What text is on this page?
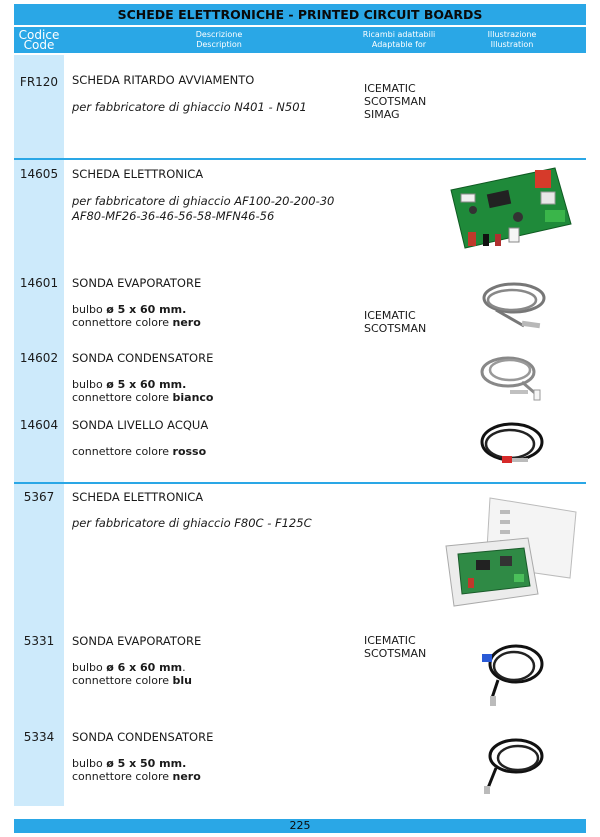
SCHEDE ELETTRONICHE - PRINTED CIRCUIT BOARDS
Codice
Code
Descrizione
Description
Ricambi adattabili
Adaptable for
Illustrazione
Illustration
FR120	SCHEDA RITARDO AVVIAMENTO
per fabbricatore di ghiaccio N401 - N501
ICEMATIC
SCOTSMAN
SIMAG
14605	SCHEDA ELETTRONICA
per fabbricatore di ghiaccio AF100-20-200-30
AF80-MF26-36-46-56-58-MFN46-56
14601	SONDA EVAPORATORE
bulbo ø 5 x 60 mm.
connettore colore nero
ICEMATIC
SCOTSMAN
14602	SONDA CONDENSATORE
bulbo ø 5 x 60 mm.
connettore colore bianco
14604	SONDA LIVELLO ACQUA
connettore colore rosso
5367	SCHEDA ELETTRONICA
per fabbricatore di ghiaccio F80C - F125C
5331	SONDA EVAPORATORE
bulbo ø 6 x 60 mm.
connettore colore blu
ICEMATIC
SCOTSMAN
5334	SONDA CONDENSATORE
bulbo ø 5 x 50 mm.
connettore colore nero
225
